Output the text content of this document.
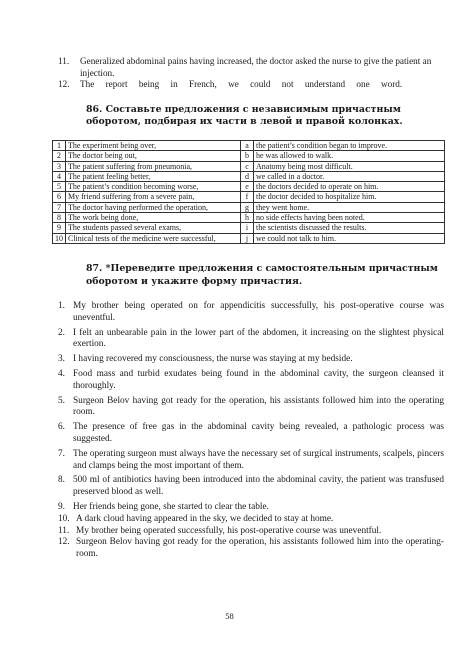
11. Generalized abdominal pains having increased, the doctor asked the nurse to give the patient an injection.
12. The report being in French, we could not understand one word.
86. Составьте предложения с независимым причастным оборотом, подбирая их части в левой и правой колонках.
1	The experiment being over,	a	the patient’s condition began to improve.
2	The doctor being out,	b	he was allowed to walk.
3	The patient suffering from pneumonia,	c	Anatomy being most difficult.
4	The patient feeling better,	d	we called in a doctor.
5	The patient’s condition becoming worse,	e	the doctors decided to operate on him.
6	My friend suffering from a severe pain,	f	the doctor decided to hospitalize him.
7	The doctor having performed the operation,	g	they went home.
8	The work being done,	h	no side effects having been noted.
9	The students passed several exams,	i	the scientists discussed the results.
10	Clinical tests of the medicine were successful,	j	we could not talk to him.
87. *Переведите предложения с самостоятельным причастным оборотом и укажите форму причастия.
1. My brother being operated on for appendicitis successfully, his post-operative course was uneventful.
2. I felt an unbearable pain in the lower part of the abdomen, it increasing on the slightest physical exertion.
3. I having recovered my consciousness, the nurse was staying at my bedside.
4. Food mass and turbid exudates being found in the abdominal cavity, the surgeon cleansed it thoroughly.
5. Surgeon Belov having got ready for the operation, his assistants followed him into the operating room.
6. The presence of free gas in the abdominal cavity being revealed, a pathologic process was suggested.
7. The operating surgeon must always have the necessary set of surgical instruments, scalpels, pincers and clamps being the most important of them.
8. 500 ml of antibiotics having been introduced into the abdominal cavity, the patient was transfused preserved blood as well.
9. Her friends being gone, she started to clear the table.
10. A dark cloud having appeared in the sky, we decided to stay at home.
11. My brother being operated successfully, his post-operative course was uneventful.
12. Surgeon Belov having got ready for the operation, his assistants followed him into the operating-room.
58
